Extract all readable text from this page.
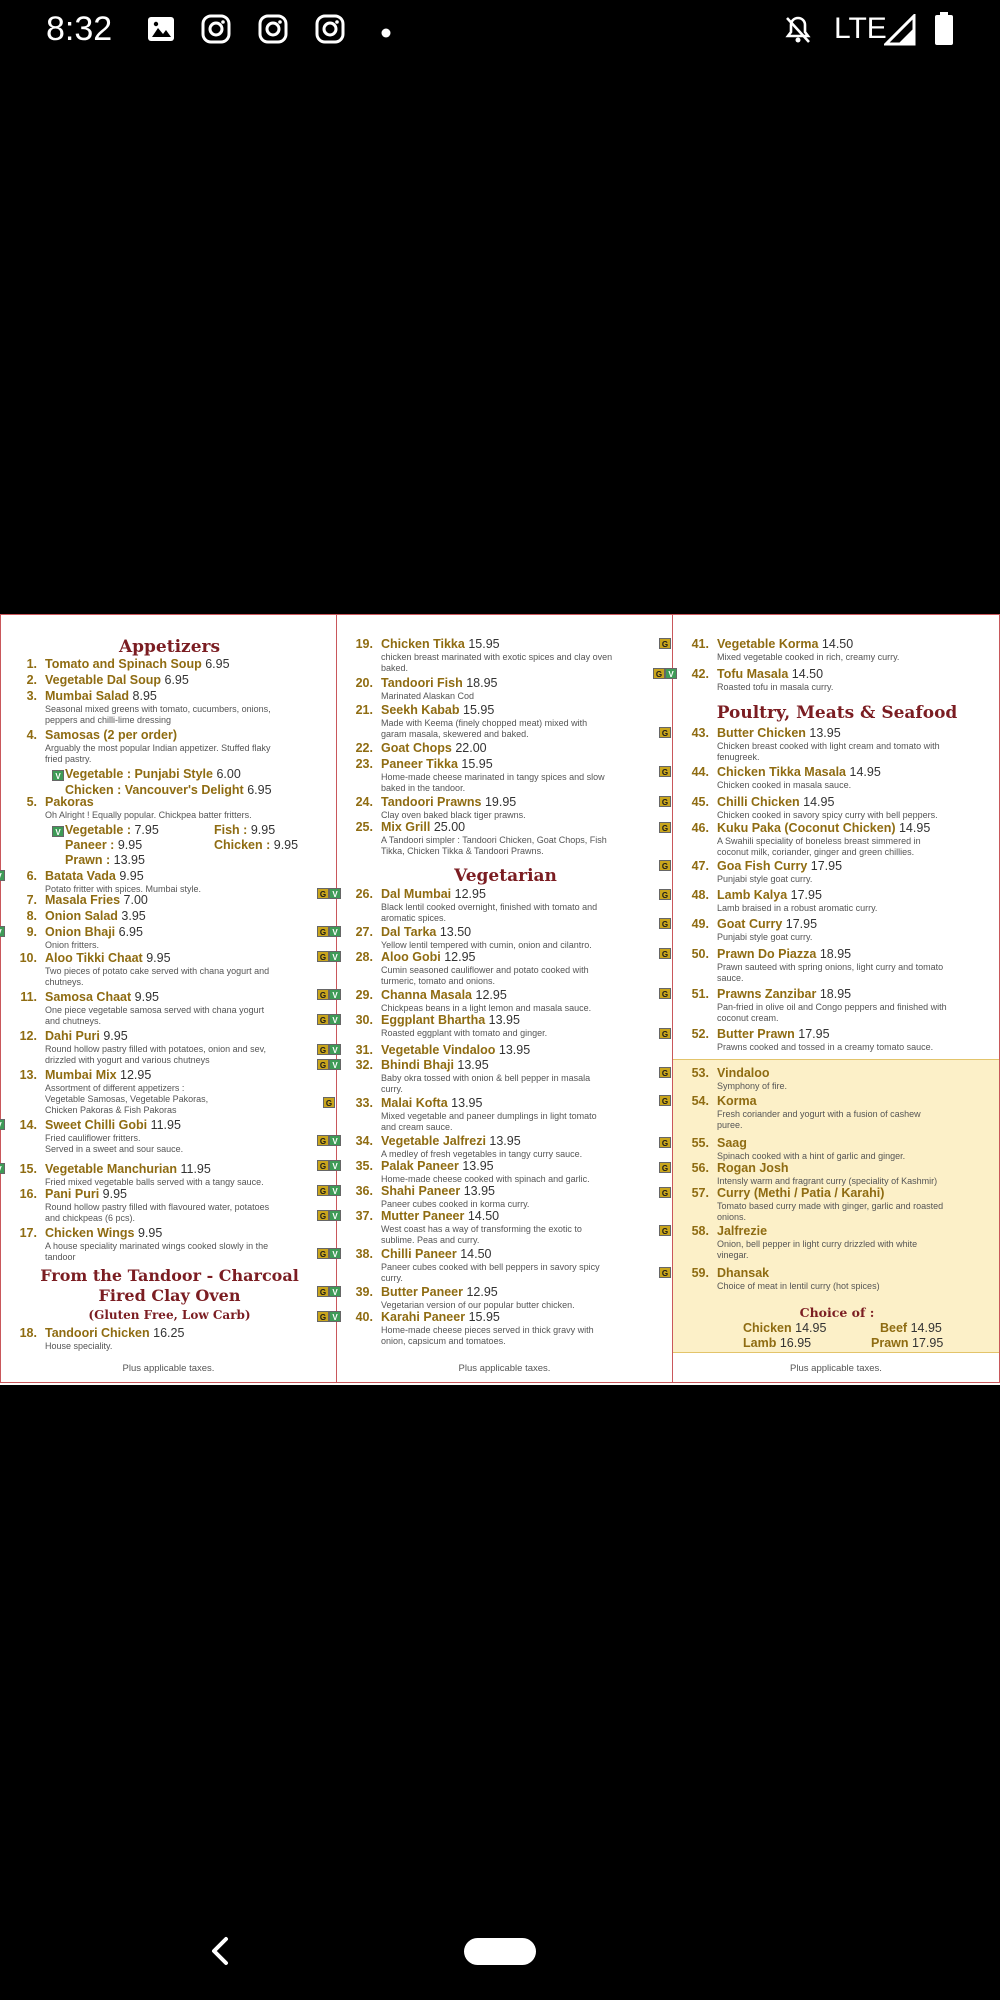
8:32	LTE
Appetizers
1. Tomato and Spinach Soup 6.95
2. Vegetable Dal Soup 6.95
3. Mumbai Salad 8.95
Seasonal mixed greens with tomato, cucumbers, onions,
peppers and chilli-lime dressing
4. Samosas (2 per order)
Arguably the most popular Indian appetizer. Stuffed flaky
fried pastry.
5. Pakoras
Oh Alright ! Equally popular. Chickpea batter fritters.
6. Batata Vada 9.95
Potato fritter with spices. Mumbai style.
7. Masala Fries 7.00
8. Onion Salad 3.95
9. Onion Bhaji 6.95
Onion fritters.
10. Aloo Tikki Chaat 9.95
Two pieces of potato cake served with chana yogurt and
chutneys.
11. Samosa Chaat 9.95
One piece vegetable samosa served with chana yogurt
and chutneys.
12. Dahi Puri 9.95
Round hollow pastry filled with potatoes, onion and sev,
drizzled with yogurt and various chutneys
13. Mumbai Mix 12.95
Assortment of different appetizers :
Vegetable Samosas, Vegetable Pakoras,
Chicken Pakoras & Fish Pakoras
14. Sweet Chilli Gobi 11.95
Fried cauliflower fritters.
Served in a sweet and sour sauce.
15. Vegetable Manchurian 11.95
Fried mixed vegetable balls served with a tangy sauce.
16. Pani Puri 9.95
Round hollow pastry filled with flavoured water, potatoes
and chickpeas (6 pcs).
17. Chicken Wings 9.95
A house speciality marinated wings cooked slowly in the
tandoor
V Vegetable : Punjabi Style 6.00
Chicken : Vancouver's Delight 6.95
V Vegetable : 7.95	Fish : 9.95
Paneer : 9.95	Chicken : 9.95
Prawn : 13.95
From the Tandoor - Charcoal
Fired Clay Oven
(Gluten Free, Low Carb)
18. Tandoori Chicken 16.25
House speciality.
Plus applicable taxes.
19. Chicken Tikka 15.95
chicken breast marinated with exotic spices and clay oven
baked.
20. Tandoori Fish 18.95
Marinated Alaskan Cod
21. Seekh Kabab 15.95
Made with Keema (finely chopped meat) mixed with
garam masala, skewered and baked.
22. Goat Chops 22.00
23. Paneer Tikka 15.95
Home-made cheese marinated in tangy spices and slow
baked in the tandoor.
24. Tandoori Prawns 19.95
Clay oven baked black tiger prawns.
25. Mix Grill 25.00
A Tandoori simpler : Tandoori Chicken, Goat Chops, Fish
Tikka, Chicken Tikka & Tandoori Prawns.
Vegetarian
26.
G V	Dal Mumbai 12.95
Black lentil cooked overnight, finished with tomato and
aromatic spices.
27.
G V	Dal Tarka 13.50
Yellow lentil tempered with cumin, onion and cilantro.
28.
G V	Aloo Gobi 12.95
Cumin seasoned cauliflower and potato cooked with
turmeric, tomato and onions.
29.
G V	Channa Masala 12.95
Chickpeas beans in a light lemon and masala sauce.
30.
G V	Eggplant Bhartha 13.95
Roasted eggplant with tomato and ginger.
31.
G V	Vegetable Vindaloo 13.95
32.
G V	Bhindi Bhaji 13.95
Baby okra tossed with onion & bell pepper in masala
curry.
33.
G	Malai Kofta 13.95
Mixed vegetable and paneer dumplings in light tomato
and cream sauce.
34.
G V	Vegetable Jalfrezi 13.95
A medley of fresh vegetables in tangy curry sauce.
35.
G V	Palak Paneer 13.95
Home-made cheese cooked with spinach and garlic.
36.
G V	Shahi Paneer 13.95
Paneer cubes cooked in korma curry.
37.
G V	Mutter Paneer 14.50
West coast has a way of transforming the exotic to
sublime. Peas and curry.
38.
G V	Chilli Paneer 14.50
Paneer cubes cooked with bell peppers in savory spicy
curry.
39.
G V	Butter Paneer 12.95
Vegetarian version of our popular butter chicken.
40.
G V	Karahi Paneer 15.95
Home-made cheese pieces served in thick gravy with
onion, capsicum and tomatoes.
Plus applicable taxes.
41.
G	Vegetable Korma 14.50
Mixed vegetable cooked in rich, creamy curry.
42.
G V	Tofu Masala 14.50
Roasted tofu in masala curry.
Poultry, Meats & Seafood
43.
G	Butter Chicken 13.95
Chicken breast cooked with light cream and tomato with
fenugreek.
44.
G	Chicken Tikka Masala 14.95
Chicken cooked in masala sauce.
45.
G	Chilli Chicken 14.95
Chicken cooked in savory spicy curry with bell peppers.
46.
G	Kuku Paka (Coconut Chicken) 14.95
A Swahili speciality of boneless breast simmered in
coconut milk, coriander, ginger and green chillies.
47.
G	Goa Fish Curry 17.95
Punjabi style goat curry.
48.
G	Lamb Kalya 17.95
Lamb braised in a robust aromatic curry.
49.
G	Goat Curry 17.95
Punjabi style goat curry.
50.
G	Prawn Do Piazza 18.95
Prawn sauteed with spring onions, light curry and tomato
sauce.
51.
G	Prawns Zanzibar 18.95
Pan-fried in olive oil and Congo peppers and finished with
coconut cream.
52.
G	Butter Prawn 17.95
Prawns cooked and tossed in a creamy tomato sauce.
53.
G	Vindaloo
Symphony of fire.
54.
G	Korma
Fresh coriander and yogurt with a fusion of cashew
puree.
55.
G	Saag
Spinach cooked with a hint of garlic and ginger.
56.
G	Rogan Josh
Intensly warm and fragrant curry (speciality of Kashmir)
57.
G	Curry (Methi / Patia / Karahi)
Tomato based curry made with ginger, garlic and roasted
onions.
58.
G	Jalfrezie
Onion, bell pepper in light curry drizzled with white
vinegar.
59.
G	Dhansak
Choice of meat in lentil curry (hot spices)
Choice of :
Chicken 14.95	Beef 14.95
Lamb 16.95	Prawn 17.95
Plus applicable taxes.
